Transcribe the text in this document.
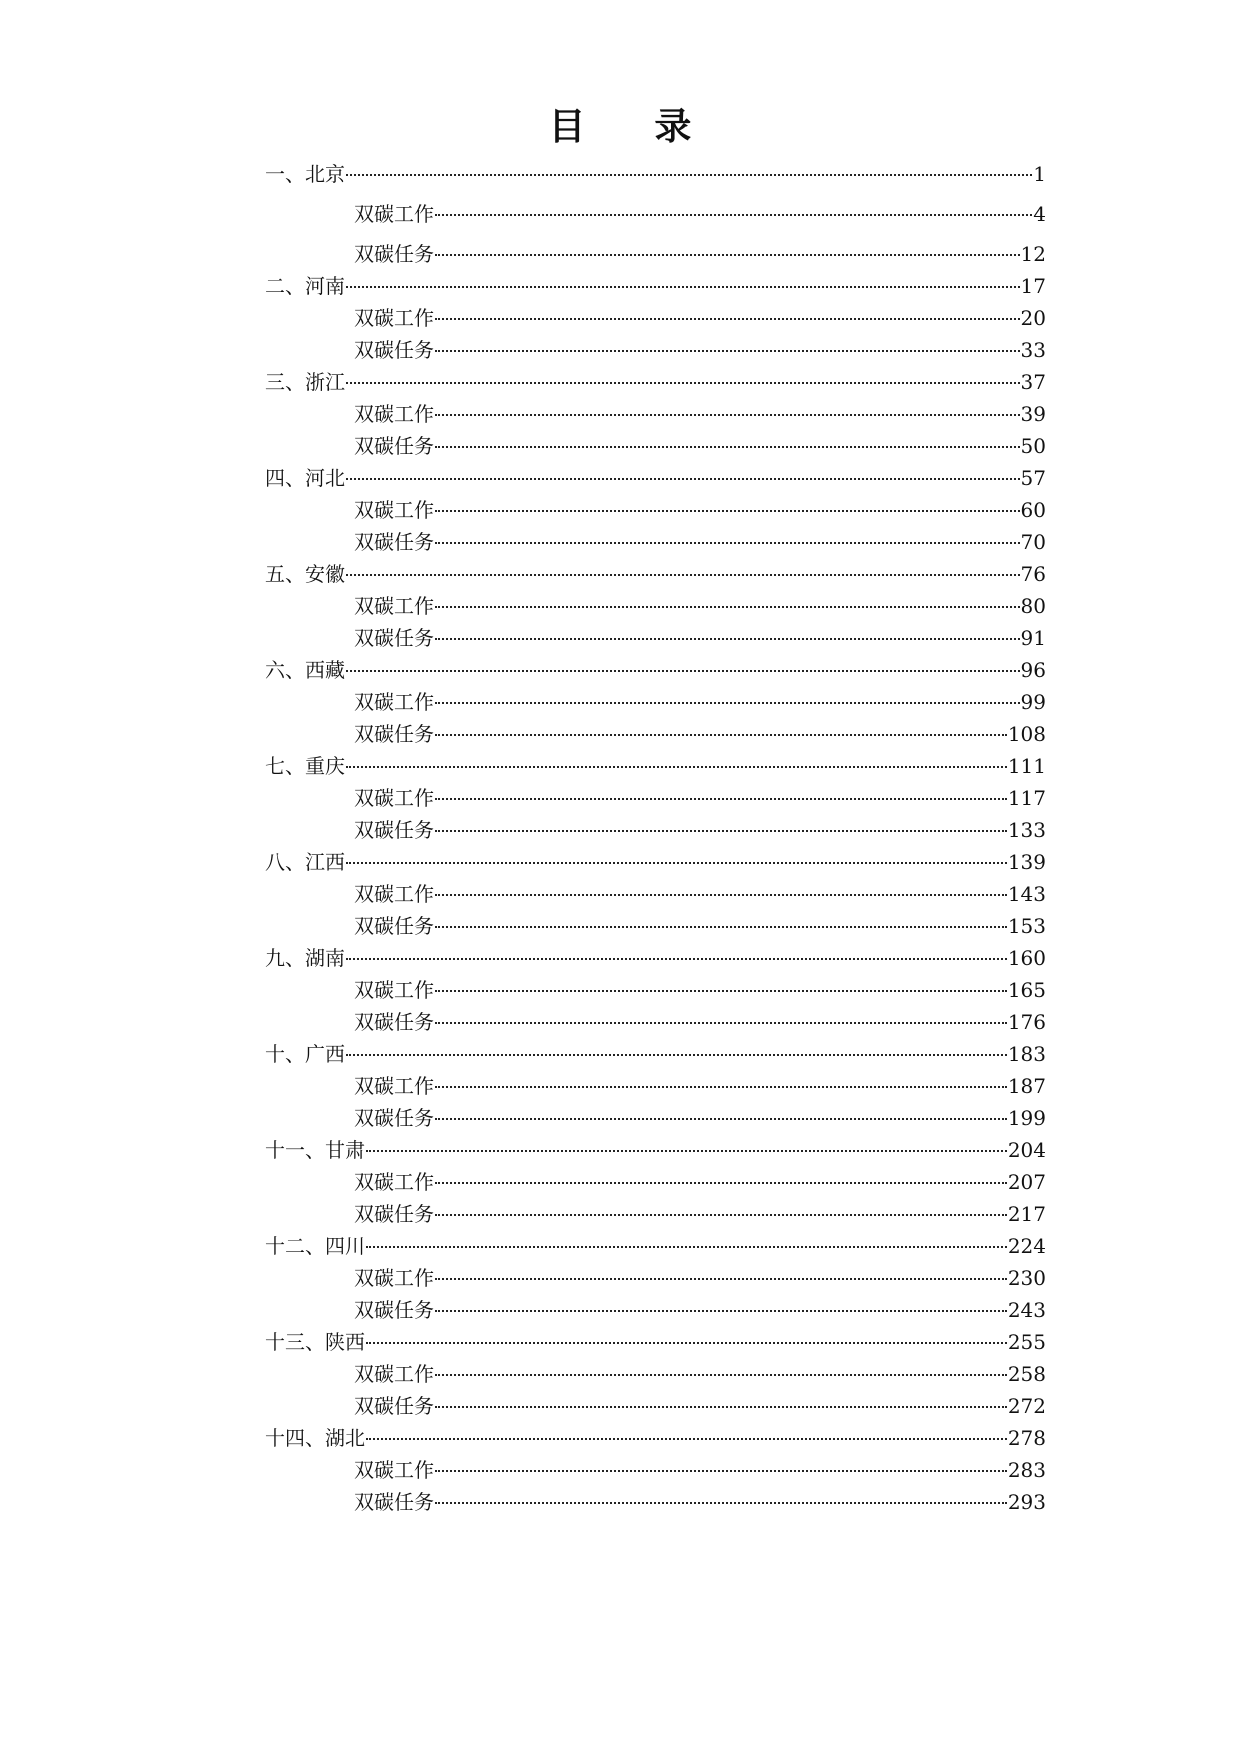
目 录
一、北京	1
双碳工作	4
双碳任务	12
二、河南	17
双碳工作	20
双碳任务	33
三、浙江	37
双碳工作	39
双碳任务	50
四、河北	57
双碳工作	60
双碳任务	70
五、安徽	76
双碳工作	80
双碳任务	91
六、西藏	96
双碳工作	99
双碳任务	108
七、重庆	111
双碳工作	117
双碳任务	133
八、江西	139
双碳工作	143
双碳任务	153
九、湖南	160
双碳工作	165
双碳任务	176
十、广西	183
双碳工作	187
双碳任务	199
十一、甘肃	204
双碳工作	207
双碳任务	217
十二、四川	224
双碳工作	230
双碳任务	243
十三、陕西	255
双碳工作	258
双碳任务	272
十四、湖北	278
双碳工作	283
双碳任务	293
